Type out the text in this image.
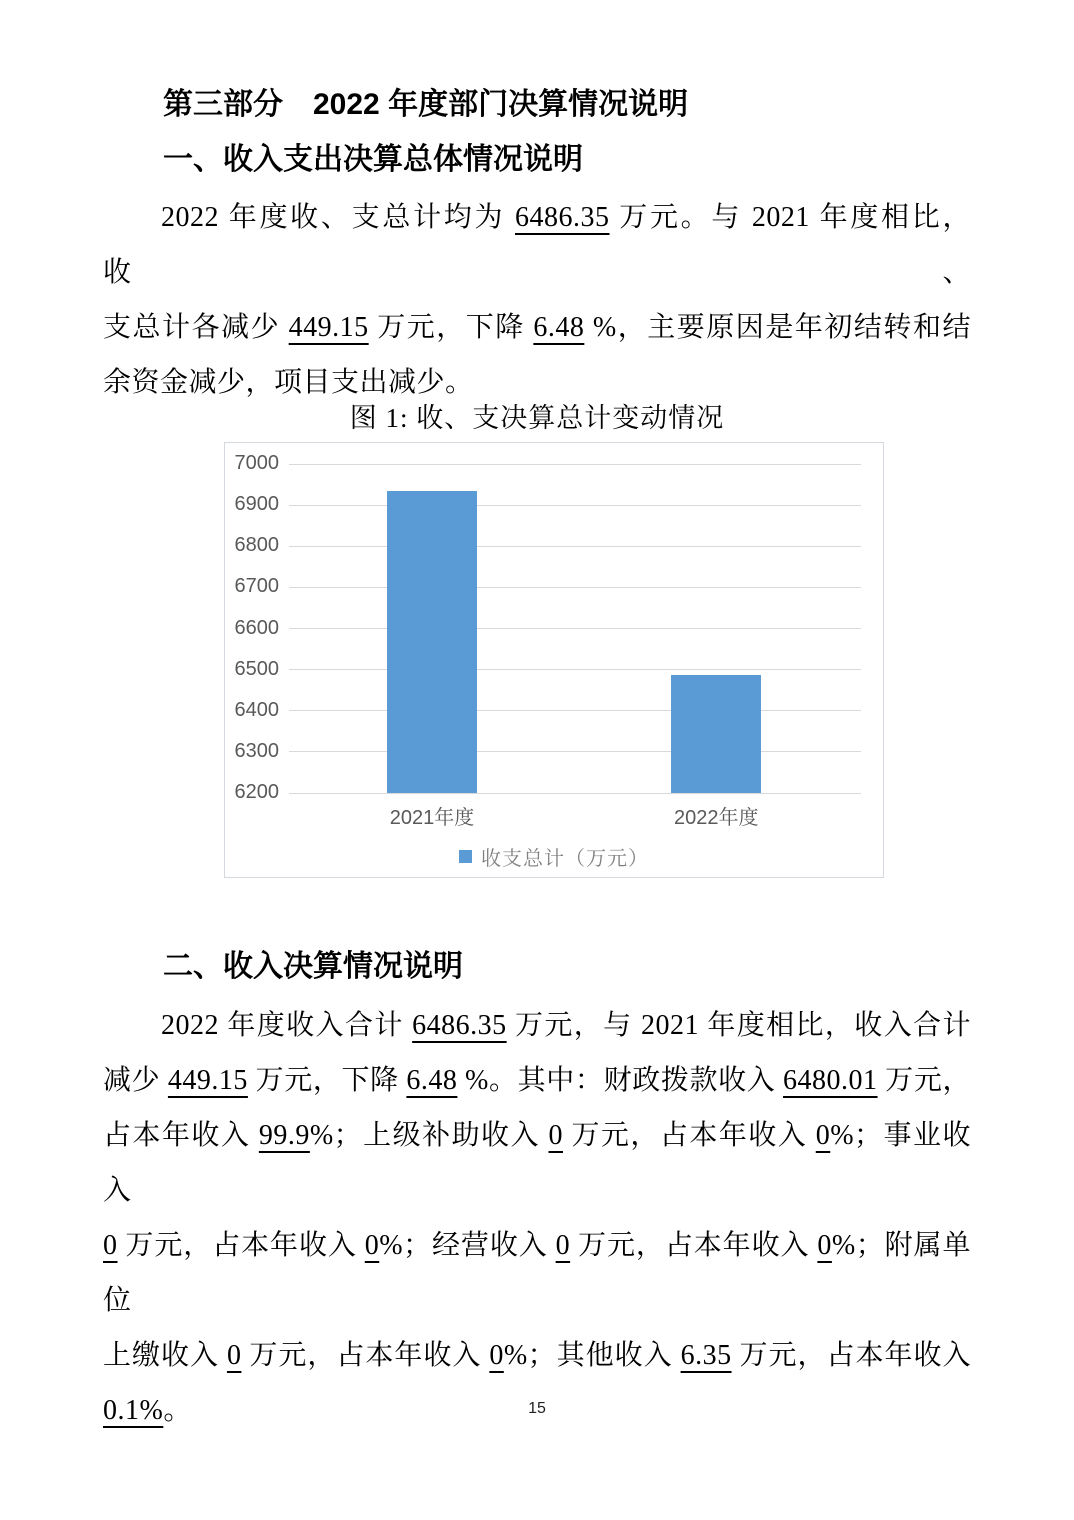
第三部分　2022 年度部门决算情况说明
一、收入支出决算总体情况说明
2022 年度收、支总计均为 6486.35 万元。与 2021 年度相比，收、
支总计各减少 449.15 万元，下降 6.48 %，主要原因是年初结转和结
余资金减少，项目支出减少。
图 1: 收、支决算总计变动情况
6200
6300
6400
6500
6600
6700
6800
6900
7000
2021年度	2022年度
收支总计（万元）
二、收入决算情况说明
2022 年度收入合计 6486.35 万元，与 2021 年度相比，收入合计
减少 449.15 万元，下降 6.48 %。其中：财政拨款收入 6480.01 万元，
占本年收入 99.9%；上级补助收入 0 万元，占本年收入 0%；事业收入
0 万元，占本年收入 0%；经营收入 0 万元，占本年收入 0%；附属单位
上缴收入 0 万元，占本年收入 0%；其他收入 6.35 万元，占本年收入
0.1%。	15
